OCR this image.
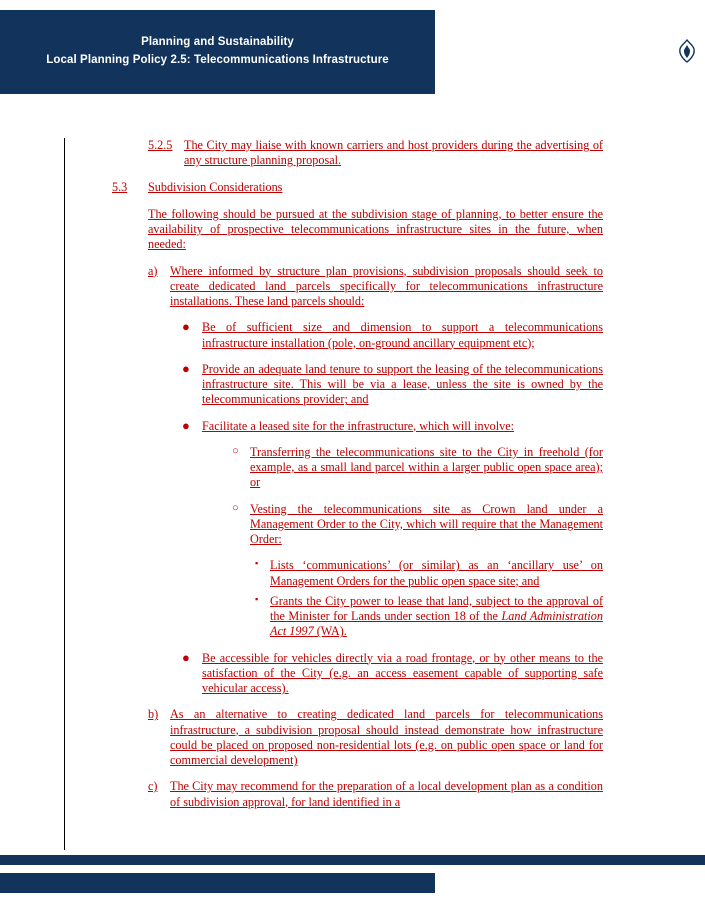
Planning and Sustainability
Local Planning Policy 2.5: Telecommunications Infrastructure
5.2.5 The City may liaise with known carriers and host providers during the advertising of any structure planning proposal.
5.3 Subdivision Considerations
The following should be pursued at the subdivision stage of planning, to better ensure the availability of prospective telecommunications infrastructure sites in the future, when needed:
a) Where informed by structure plan provisions, subdivision proposals should seek to create dedicated land parcels specifically for telecommunications infrastructure installations. These land parcels should:
● Be of sufficient size and dimension to support a telecommunications infrastructure installation (pole, on-ground ancillary equipment etc);
● Provide an adequate land tenure to support the leasing of the telecommunications infrastructure site. This will be via a lease, unless the site is owned by the telecommunications provider; and
● Facilitate a leased site for the infrastructure, which will involve:
○ Transferring the telecommunications site to the City in freehold (for example, as a small land parcel within a larger public open space area); or
○ Vesting the telecommunications site as Crown land under a Management Order to the City, which will require that the Management Order:
▪ Lists ‘communications’ (or similar) as an ‘ancillary use’ on Management Orders for the public open space site; and
▪ Grants the City power to lease that land, subject to the approval of the Minister for Lands under section 18 of the Land Administration Act 1997 (WA).
● Be accessible for vehicles directly via a road frontage, or by other means to the satisfaction of the City (e.g. an access easement capable of supporting safe vehicular access).
b) As an alternative to creating dedicated land parcels for telecommunications infrastructure, a subdivision proposal should instead demonstrate how infrastructure could be placed on proposed non-residential lots (e.g. on public open space or land for commercial development)
c) The City may recommend for the preparation of a local development plan as a condition of subdivision approval, for land identified in a
